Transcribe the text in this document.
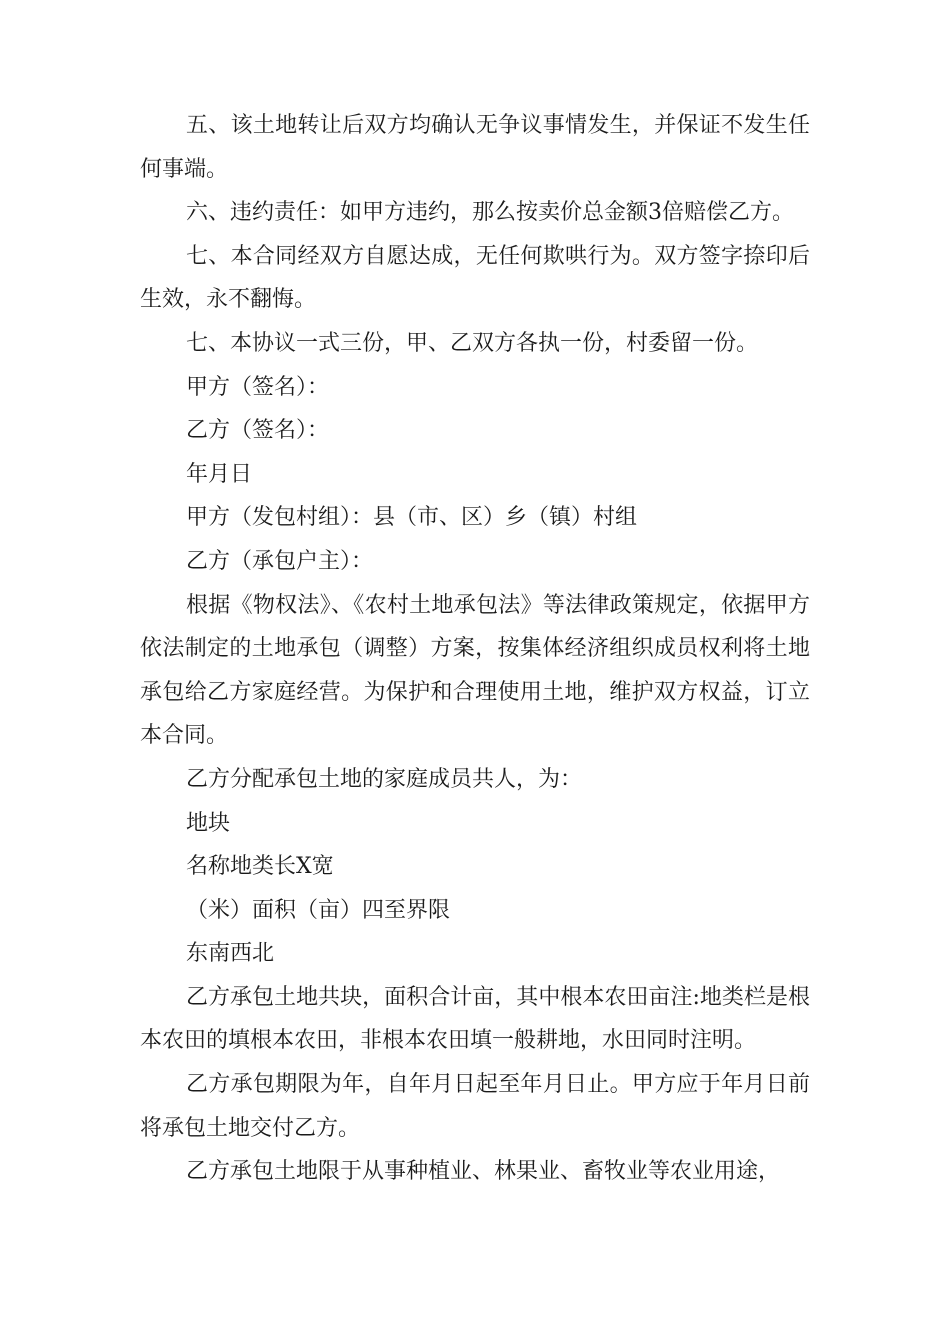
五、该土地转让后双方均确认无争议事情发生，并保证不发生任何事端。

六、违约责任：如甲方违约，那么按卖价总金额3倍赔偿乙方。

七、本合同经双方自愿达成，无任何欺哄行为。双方签字捺印后生效，永不翻悔。

七、本协议一式三份，甲、乙双方各执一份，村委留一份。

甲方（签名）：

乙方（签名）：

年月日

甲方（发包村组）：县（市、区）乡（镇）村组

乙方（承包户主）：

根据《物权法》、《农村土地承包法》等法律政策规定，依据甲方依法制定的土地承包（调整）方案，按集体经济组织成员权利将土地承包给乙方家庭经营。为保护和合理使用土地，维护双方权益，订立本合同。

乙方分配承包土地的家庭成员共人，为：

地块

名称地类长X宽

（米）面积（亩）四至界限

东南西北

乙方承包土地共块，面积合计亩，其中根本农田亩注:地类栏是根本农田的填根本农田，非根本农田填一般耕地，水田同时注明。

乙方承包期限为年，自年月日起至年月日止。甲方应于年月日前将承包土地交付乙方。

乙方承包土地限于从事种植业、林果业、畜牧业等农业用途，
